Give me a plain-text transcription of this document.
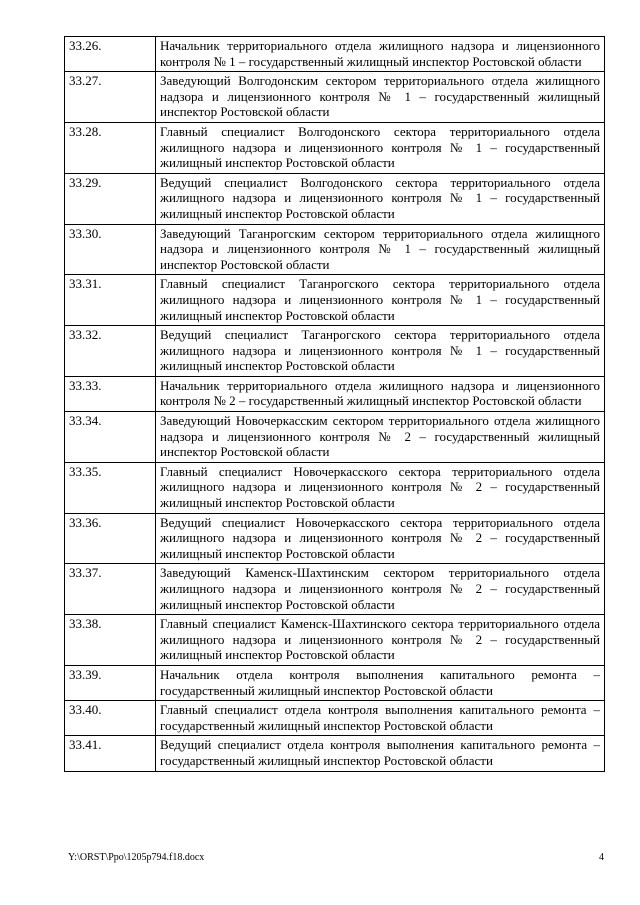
33.26.	Начальник территориального отдела жилищного надзора и лицензионного контроля № 1 – государственный жилищный инспектор Ростовской области
33.27.	Заведующий Волгодонским сектором территориального отдела жилищного надзора и лицензионного контроля № 1 – государственный жилищный инспектор Ростовской области
33.28.	Главный специалист Волгодонского сектора территориального отдела жилищного надзора и лицензионного контроля № 1 – государственный жилищный инспектор Ростовской области
33.29.	Ведущий специалист Волгодонского сектора территориального отдела жилищного надзора и лицензионного контроля № 1 – государственный жилищный инспектор Ростовской области
33.30.	Заведующий Таганрогским сектором территориального отдела жилищного надзора и лицензионного контроля № 1 – государственный жилищный инспектор Ростовской области
33.31.	Главный специалист Таганрогского сектора территориального отдела жилищного надзора и лицензионного контроля № 1 – государственный жилищный инспектор Ростовской области
33.32.	Ведущий специалист Таганрогского сектора территориального отдела жилищного надзора и лицензионного контроля № 1 – государственный жилищный инспектор Ростовской области
33.33.	Начальник территориального отдела жилищного надзора и лицензионного контроля № 2 – государственный жилищный инспектор Ростовской области
33.34.	Заведующий Новочеркасским сектором территориального отдела жилищного надзора и лицензионного контроля № 2 – государственный жилищный инспектор Ростовской области
33.35.	Главный специалист Новочеркасского сектора территориального отдела жилищного надзора и лицензионного контроля № 2 – государственный жилищный инспектор Ростовской области
33.36.	Ведущий специалист Новочеркасского сектора территориального отдела жилищного надзора и лицензионного контроля № 2 – государственный жилищный инспектор Ростовской области
33.37.	Заведующий Каменск-Шахтинским сектором территориального отдела жилищного надзора и лицензионного контроля № 2 – государственный жилищный инспектор Ростовской области
33.38.	Главный специалист Каменск-Шахтинского сектора территориального отдела жилищного надзора и лицензионного контроля № 2 – государственный жилищный инспектор Ростовской области
33.39.	Начальник отдела контроля выполнения капитального ремонта – государственный жилищный инспектор Ростовской области
33.40.	Главный специалист отдела контроля выполнения капитального ремонта – государственный жилищный инспектор Ростовской области
33.41.	Ведущий специалист отдела контроля выполнения капитального ремонта – государственный жилищный инспектор Ростовской области
Y:\ORST\Ppo\1205p794.f18.docx	4
